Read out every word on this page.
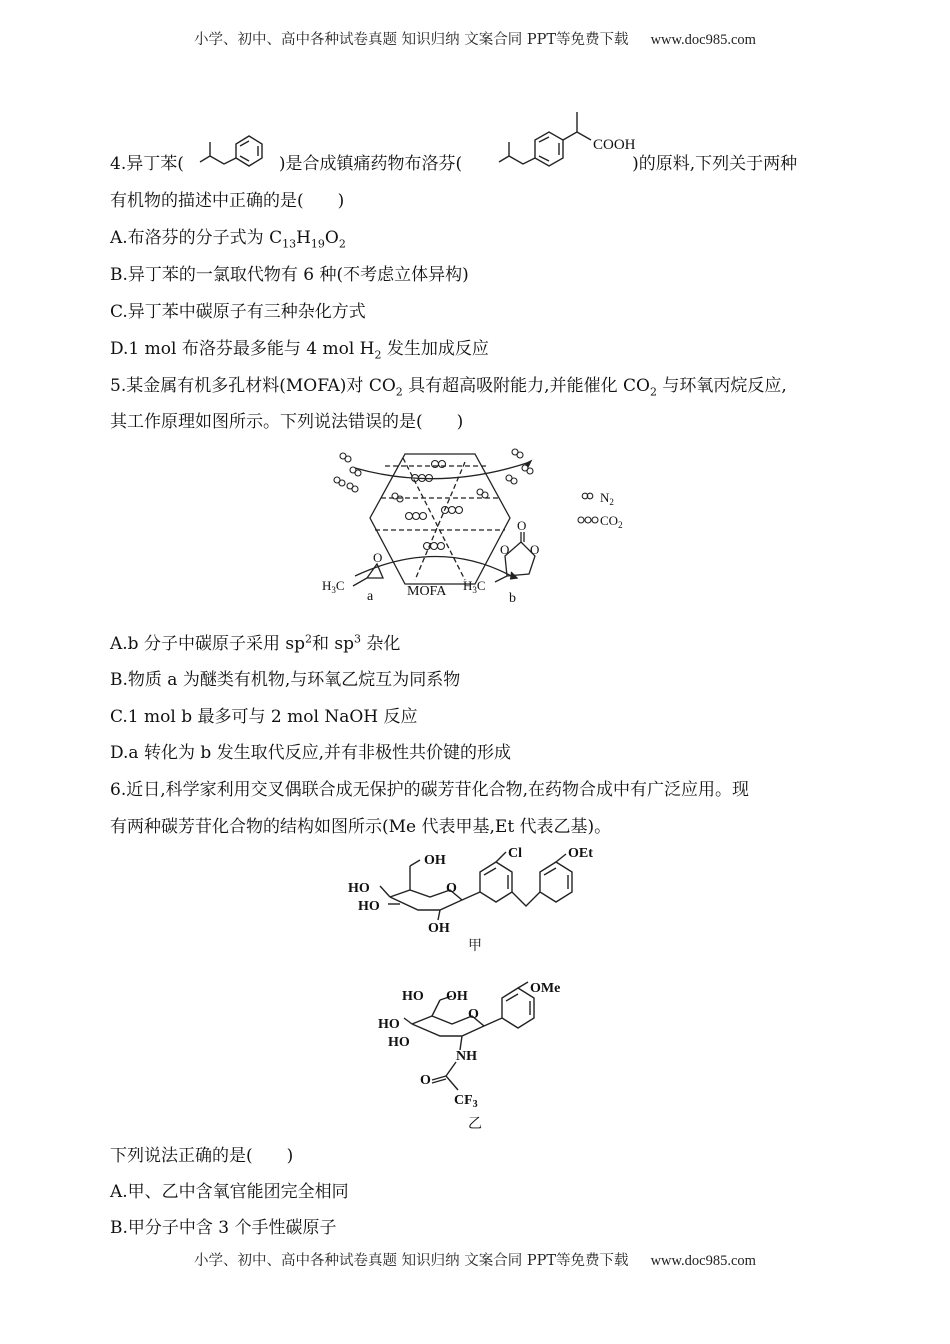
小学、初中、高中各种试卷真题 知识归纳 文案合同 PPT等免费下载 www.doc985.com
4.异丁苯(	)是合成镇痛药物布洛芬(	)的原料,下列关于两种
COOH
有机物的描述中正确的是(　　)
A.布洛芬的分子式为 $C_{13}H_{19}O_2$
B.异丁苯的一氯取代物有 6 种(不考虑立体异构)
C.异丁苯中碳原子有三种杂化方式
D.1 mol 布洛芬最多能与 4 mol $H_2$ 发生加成反应
5.某金属有机多孔材料(MOFA)对 $CO_2$ 具有超高吸附能力,并能催化 $CO_2$ 与环氧丙烷反应,
其工作原理如图所示。下列说法错误的是(　　)
$N_2$
$CO_2$
$H_3C$
O
a MOFA $H_3C$
O O
O
b
A.b 分子中碳原子采用 $sp^2$和 $sp^3$ 杂化
B.物质 a 为醚类有机物,与环氧乙烷互为同系物
C.1 mol b 最多可与 2 mol NaOH 反应
D.a 转化为 b 发生取代反应,并有非极性共价键的形成
6.近日,科学家利用交叉偶联合成无保护的碳芳苷化合物,在药物合成中有广泛应用。现
有两种碳芳苷化合物的结构如图所示(Me 代表甲基,Et 代表乙基)。
OH	Cl	OEt
HO
HO
O
OH
甲
HO OH
OMe
HO
HO
O
NH
O
$CF_3$
乙
下列说法正确的是(　　)
A.甲、乙中含氧官能团完全相同
B.甲分子中含 3 个手性碳原子
小学、初中、高中各种试卷真题 知识归纳 文案合同 PPT等免费下载 www.doc985.com
